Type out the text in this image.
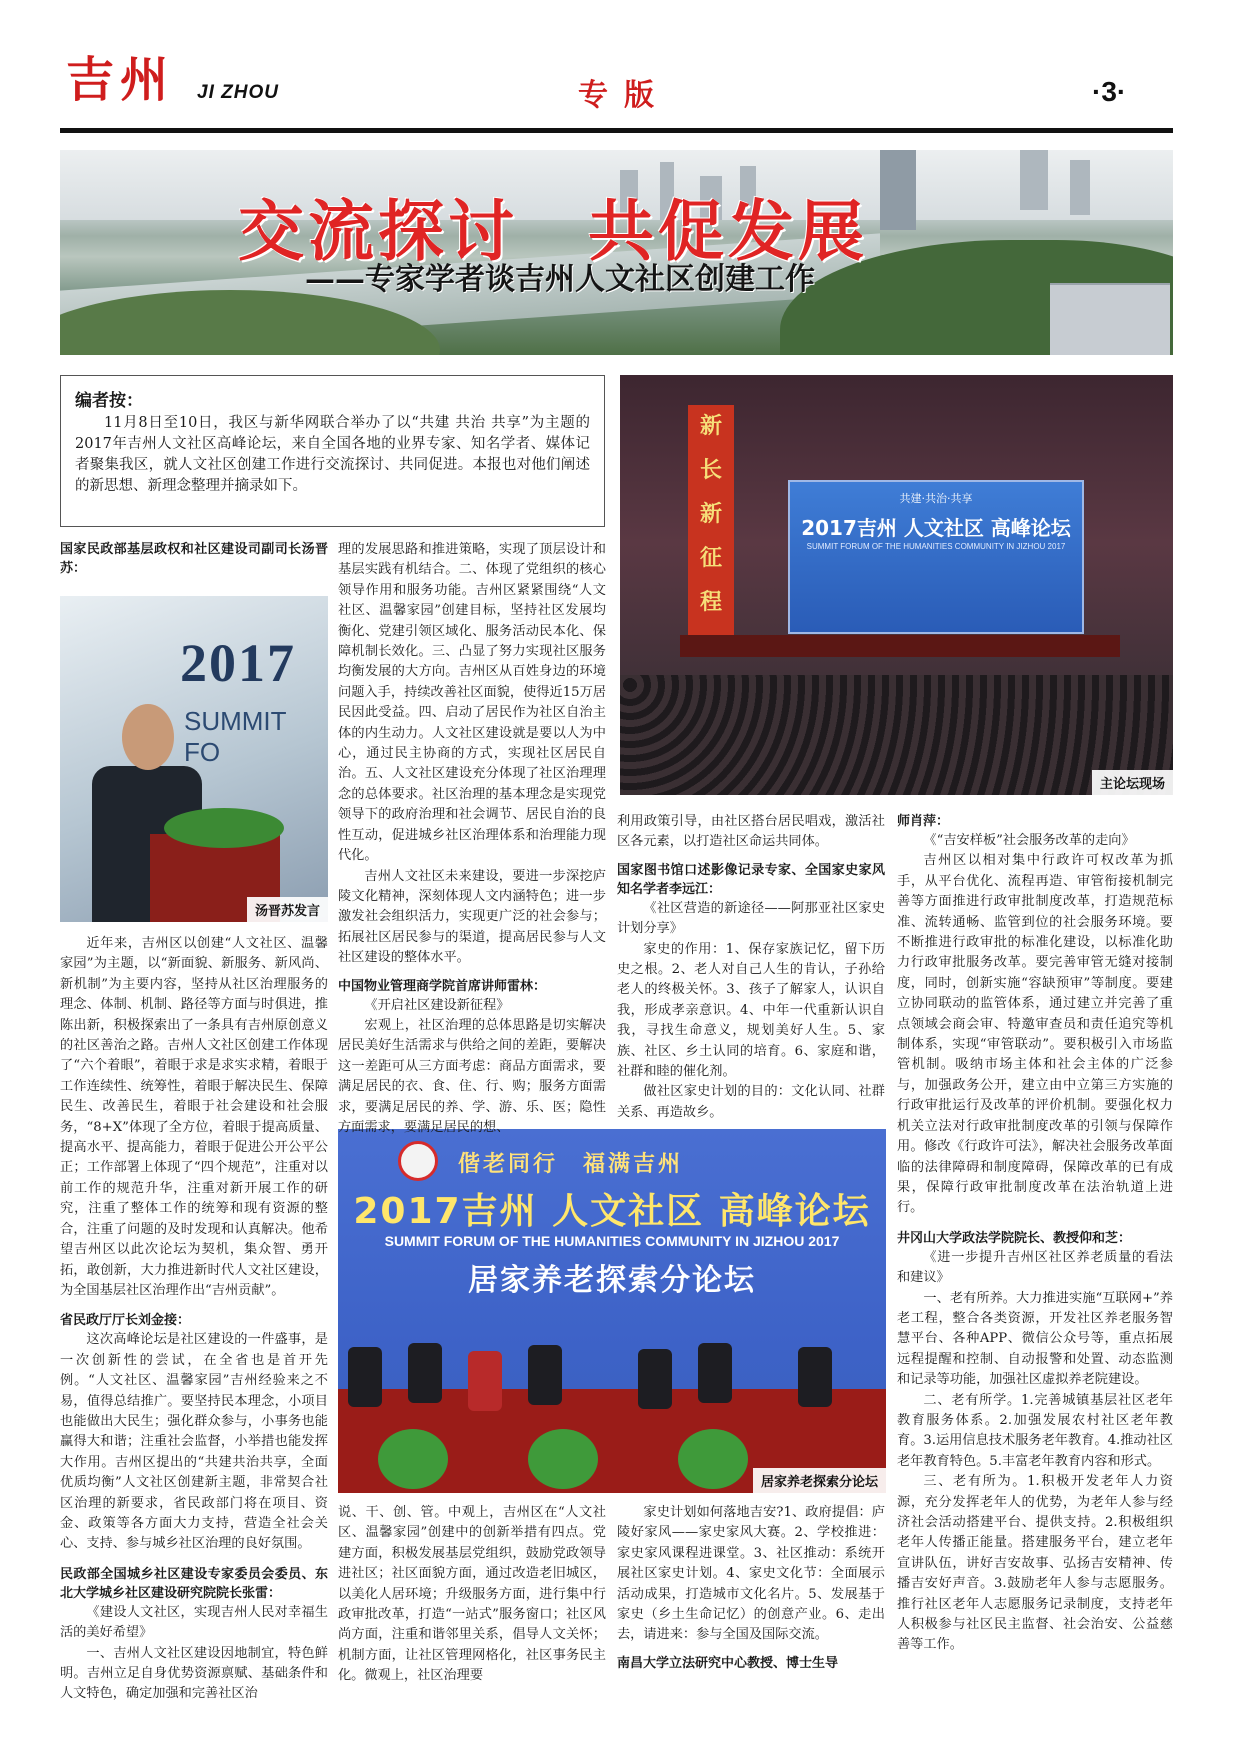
吉州 JI ZHOU	专版	·3·
交流探讨　共促发展
——专家学者谈吉州人文社区创建工作
编者按：
11月8日至10日，我区与新华网联合举办了以“共建 共治 共享”为主题的2017年吉州人文社区高峰论坛，来自全国各地的业界专家、知名学者、媒体记者聚集我区，就人文社区创建工作进行交流探讨、共同促进。本报也对他们阐述的新思想、新理念整理并摘录如下。
新
长
新
征
程
共建·共治·共享
2017吉州 人文社区 高峰论坛
SUMMIT FORUM OF THE HUMANITIES COMMUNITY IN JIZHOU 2017
主论坛现场
2017
SUMMIT FO
汤晋苏发言
偕老同行　福满吉州
2017吉州 人文社区 高峰论坛
SUMMIT FORUM OF THE HUMANITIES COMMUNITY IN JIZHOU 2017
居家养老探索分论坛
居家养老探索分论坛

国家民政部基层政权和社区建设司副司长汤晋苏：

近年来，吉州区以创建“人文社区、温馨家园”为主题，以“新面貌、新服务、新风尚、新机制”为主要内容，坚持从社区治理服务的理念、体制、机制、路径等方面与时俱进，推陈出新，积极探索出了一条具有吉州原创意义的社区善治之路。吉州人文社区创建工作体现了“六个着眼”，着眼于求是求实求精，着眼于工作连续性、统筹性，着眼于解决民生、保障民生、改善民生，着眼于社会建设和社会服务，“8+X”体现了全方位，着眼于提高质量、提高水平、提高能力，着眼于促进公开公平公正；工作部署上体现了“四个规范”，注重对以前工作的规范升华，注重对新开展工作的研究，注重了整体工作的统筹和现有资源的整合，注重了问题的及时发现和认真解决。他希望吉州区以此次论坛为契机，集众智、勇开拓，敢创新，大力推进新时代人文社区建设，为全国基层社区治理作出“吉州贡献”。

省民政厅厅长刘金接：

这次高峰论坛是社区建设的一件盛事，是一次创新性的尝试，在全省也是首开先例。“人文社区、温馨家园”吉州经验来之不易，值得总结推广。要坚持民本理念，小项目也能做出大民生；强化群众参与，小事务也能赢得大和谐；注重社会监督，小举措也能发挥大作用。吉州区提出的“共建共治共享，全面优质均衡”人文社区创建新主题，非常契合社区治理的新要求，省民政部门将在项目、资金、政策等各方面大力支持，营造全社会关心、支持、参与城乡社区治理的良好氛围。

民政部全国城乡社区建设专家委员会委员、东北大学城乡社区建设研究院院长张雷：

《建设人文社区，实现吉州人民对幸福生活的美好希望》

一、吉州人文社区建设因地制宜，特色鲜明。吉州立足自身优势资源禀赋、基础条件和人文特色，确定加强和完善社区治

理的发展思路和推进策略，实现了顶层设计和基层实践有机结合。二、体现了党组织的核心领导作用和服务功能。吉州区紧紧围绕“人文社区、温馨家园”创建目标，坚持社区发展均衡化、党建引领区域化、服务活动民本化、保障机制长效化。三、凸显了努力实现社区服务均衡发展的大方向。吉州区从百姓身边的环境问题入手，持续改善社区面貌，使得近15万居民因此受益。四、启动了居民作为社区自治主体的内生动力。人文社区建设就是要以人为中心，通过民主协商的方式，实现社区居民自治。五、人文社区建设充分体现了社区治理理念的总体要求。社区治理的基本理念是实现党领导下的政府治理和社会调节、居民自治的良性互动，促进城乡社区治理体系和治理能力现代化。

吉州人文社区未来建设，要进一步深挖庐陵文化精神，深刻体现人文内涵特色；进一步激发社会组织活力，实现更广泛的社会参与；拓展社区居民参与的渠道，提高居民参与人文社区建设的整体水平。

中国物业管理商学院首席讲师雷林：

《开启社区建设新征程》

宏观上，社区治理的总体思路是切实解决居民美好生活需求与供给之间的差距，要解决这一差距可从三方面考虑：商品方面需求，要满足居民的衣、食、住、行、购；服务方面需求，要满足居民的养、学、游、乐、医；隐性方面需求，要满足居民的想、

说、干、创、管。中观上，吉州区在“人文社区、温馨家园”创建中的创新举措有四点。党建方面，积极发展基层党组织，鼓励党政领导进社区；社区面貌方面，通过改造老旧城区，以美化人居环境；升级服务方面，进行集中行政审批改革，打造“一站式”服务窗口；社区风尚方面，注重和谐邻里关系，倡导人文关怀；机制方面，让社区管理网格化，社区事务民主化。微观上，社区治理要

利用政策引导，由社区搭台居民唱戏，激活社区各元素，以打造社区命运共同体。

国家图书馆口述影像记录专家、全国家史家风知名学者李远江：

《社区营造的新途径——阿那亚社区家史计划分享》

家史的作用：1、保存家族记忆，留下历史之根。2、老人对自己人生的肯认，子孙给老人的终极关怀。3、孩子了解家人，认识自我，形成孝亲意识。4、中年一代重新认识自我，寻找生命意义，规划美好人生。5、家族、社区、乡土认同的培育。6、家庭和谐，社群和睦的催化剂。

做社区家史计划的目的：文化认同、社群关系、再造故乡。

家史计划如何落地吉安?1、政府提倡：庐陵好家风——家史家风大赛。2、学校推进：家史家风课程进课堂。3、社区推动：系统开展社区家史计划。4、家史文化节：全面展示活动成果，打造城市文化名片。5、发展基于家史（乡土生命记忆）的创意产业。6、走出去，请进来：参与全国及国际交流。

南昌大学立法研究中心教授、博士生导

师肖萍：

《“吉安样板”社会服务改革的走向》

吉州区以相对集中行政许可权改革为抓手，从平台优化、流程再造、审管衔接机制完善等方面推进行政审批制度改革，打造规范标准、流转通畅、监管到位的社会服务环境。要不断推进行政审批的标准化建设，以标准化助力行政审批服务改革。要完善审管无缝对接制度，同时，创新实施“容缺预审”等制度。要建立协同联动的监管体系，通过建立并完善了重点领域会商会审、特邀审查员和责任追究等机制体系，实现“审管联动”。要积极引入市场监管机制。吸纳市场主体和社会主体的广泛参与，加强政务公开，建立由中立第三方实施的行政审批运行及改革的评价机制。要强化权力机关立法对行政审批制度改革的引领与保障作用。修改《行政许可法》，解决社会服务改革面临的法律障碍和制度障碍，保障改革的已有成果，保障行政审批制度改革在法治轨道上进行。

井冈山大学政法学院院长、教授仰和芝：

《进一步提升吉州区社区养老质量的看法和建议》

一、老有所养。大力推进实施“互联网+”养老工程，整合各类资源，开发社区养老服务智慧平台、各种APP、微信公众号等，重点拓展远程提醒和控制、自动报警和处置、动态监测和记录等功能，加强社区虚拟养老院建设。

二、老有所学。1.完善城镇基层社区老年教育服务体系。2.加强发展农村社区老年教育。3.运用信息技术服务老年教育。4.推动社区老年教育特色。5.丰富老年教育内容和形式。

三、老有所为。1.积极开发老年人力资源，充分发挥老年人的优势，为老年人参与经济社会活动搭建平台、提供支持。2.积极组织老年人传播正能量。搭建服务平台，建立老年宣讲队伍，讲好吉安故事、弘扬吉安精神、传播吉安好声音。3.鼓励老年人参与志愿服务。推行社区老年人志愿服务记录制度，支持老年人积极参与社区民主监督、社会治安、公益慈善等工作。
